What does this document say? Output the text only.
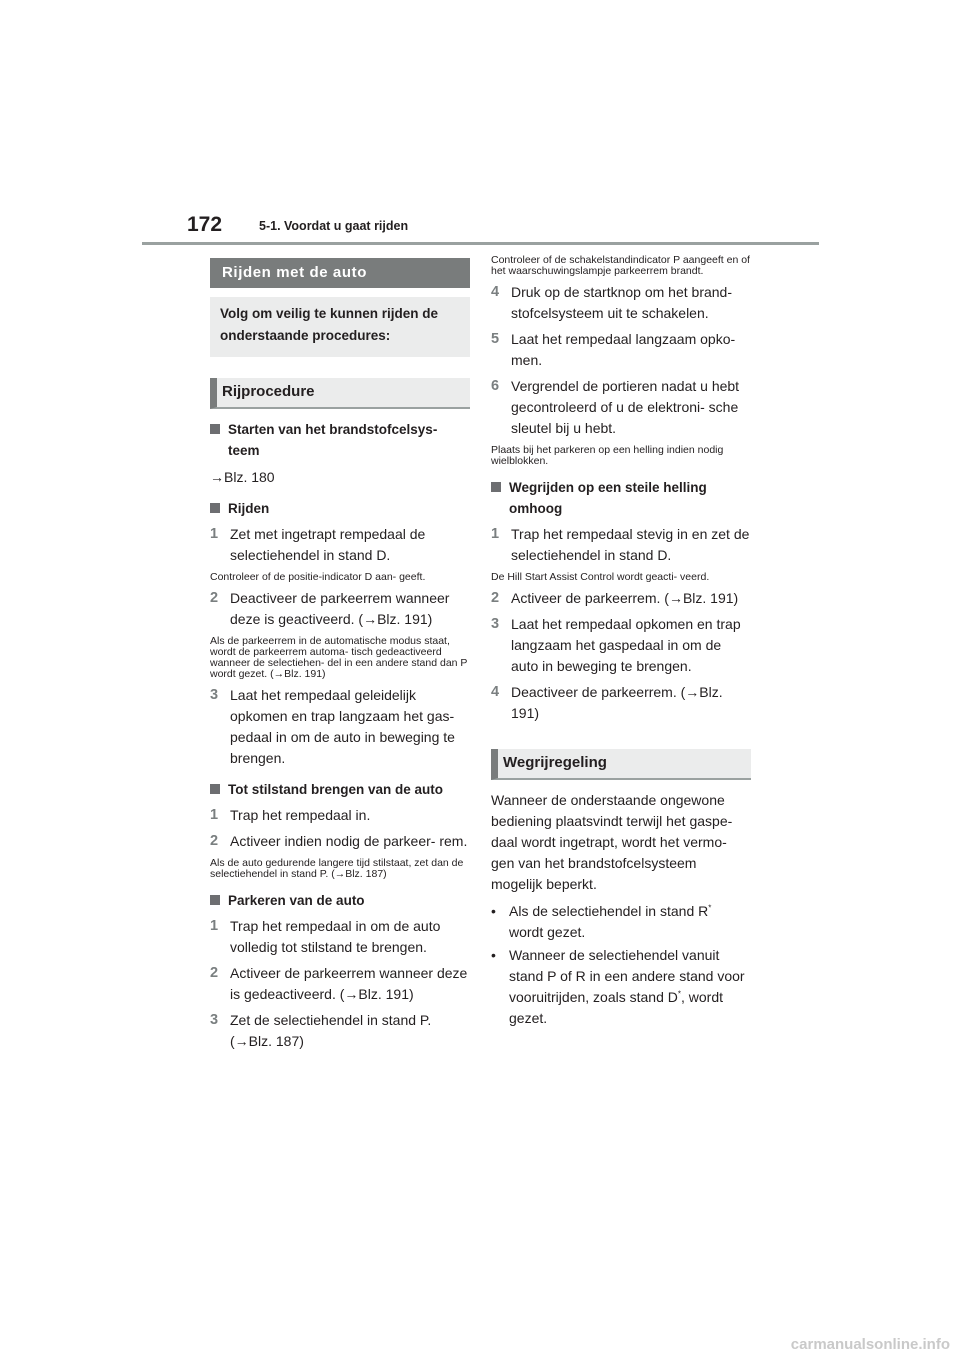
172	5-1. Voordat u gaat rijden
Rijden met de auto
Volg om veilig te kunnen rijden de onderstaande procedures:
Rijprocedure
Starten van het brandstofcelsys- teem
→Blz. 180
Rijden
1 Zet met ingetrapt rempedaal de selectiehendel in stand D.
Controleer of de positie-indicator D aan- geeft.
2 Deactiveer de parkeerrem wanneer deze is geactiveerd. (→Blz. 191)
Als de parkeerrem in de automatische modus staat, wordt de parkeerrem automa- tisch gedeactiveerd wanneer de selectiehen- del in een andere stand dan P wordt gezet. (→Blz. 191)
3 Laat het rempedaal geleidelijk opkomen en trap langzaam het gas- pedaal in om de auto in beweging te brengen.
Tot stilstand brengen van de auto
1 Trap het rempedaal in.
2 Activeer indien nodig de parkeer- rem.
Als de auto gedurende langere tijd stilstaat, zet dan de selectiehendel in stand P. (→Blz. 187)
Parkeren van de auto
1 Trap het rempedaal in om de auto volledig tot stilstand te brengen.
2 Activeer de parkeerrem wanneer deze is gedeactiveerd. (→Blz. 191)
3 Zet de selectiehendel in stand P. (→Blz. 187)
Controleer of de schakelstandindicator P aangeeft en of het waarschuwingslampje parkeerrem brandt.
4 Druk op de startknop om het brand- stofcelsysteem uit te schakelen.
5 Laat het rempedaal langzaam opko- men.
6 Vergrendel de portieren nadat u hebt gecontroleerd of u de elektroni- sche sleutel bij u hebt.
Plaats bij het parkeren op een helling indien nodig wielblokken.
Wegrijden op een steile helling omhoog
1 Trap het rempedaal stevig in en zet de selectiehendel in stand D.
De Hill Start Assist Control wordt geacti- veerd.
2 Activeer de parkeerrem. (→Blz. 191)
3 Laat het rempedaal opkomen en trap langzaam het gaspedaal in om de auto in beweging te brengen.
4 Deactiveer de parkeerrem. (→Blz. 191)
Wegrijregeling
Wanneer de onderstaande ongewone bediening plaatsvindt terwijl het gaspe- daal wordt ingetrapt, wordt het vermo- gen van het brandstofcelsysteem mogelijk beperkt.
• Als de selectiehendel in stand R*
wordt gezet.
• Wanneer de selectiehendel vanuit stand P of R in een andere stand voor vooruitrijden, zoals stand D*, wordt gezet.
carmanualsonline.info
